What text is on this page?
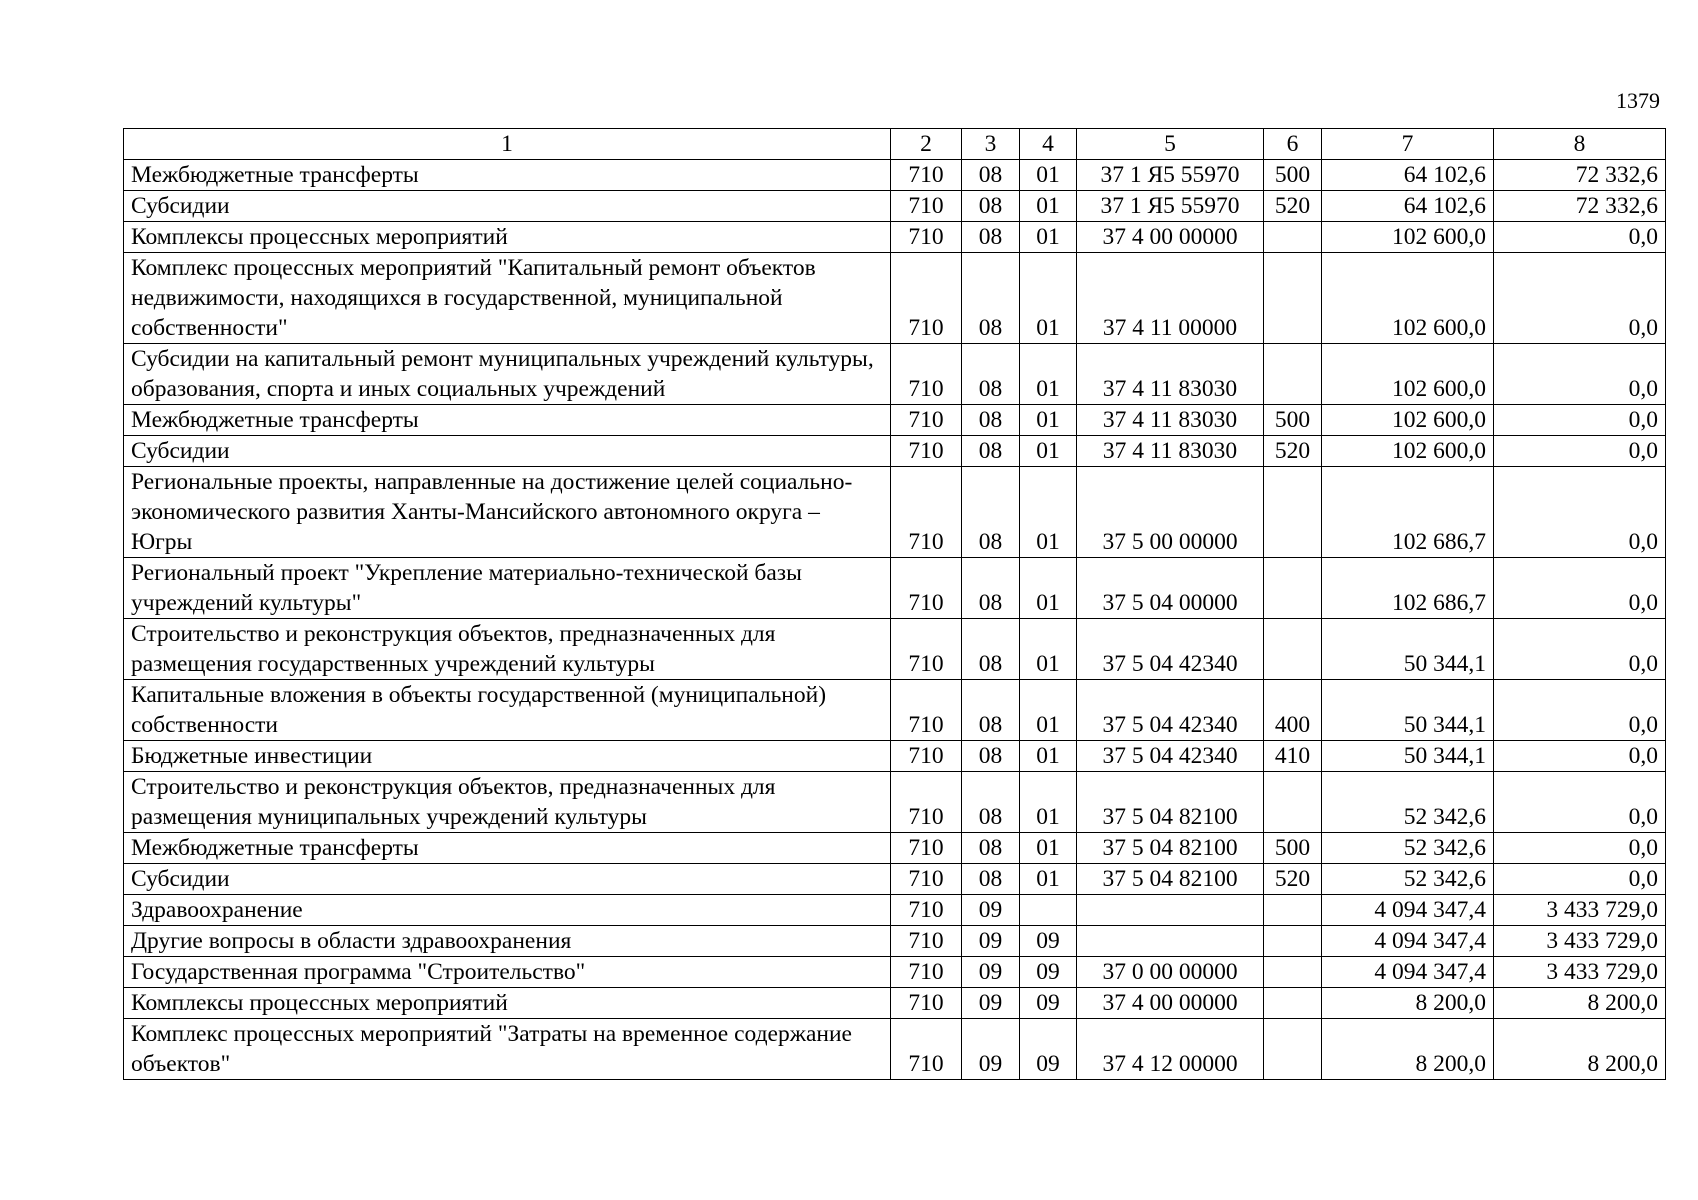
1379
1	2	3	4	5	6	7	8
Межбюджетные трансферты	710	08	01	37 1 Я5 55970	500	64 102,6	72 332,6
Субсидии	710	08	01	37 1 Я5 55970	520	64 102,6	72 332,6
Комплексы процессных мероприятий	710	08	01	37 4 00 00000		102 600,0	0,0
Комплекс процессных мероприятий "Капитальный ремонт объектов недвижимости, находящихся в государственной, муниципальной собственности"	710	08	01	37 4 11 00000		102 600,0	0,0
Субсидии на капитальный ремонт муниципальных учреждений культуры, образования, спорта и иных социальных учреждений	710	08	01	37 4 11 83030		102 600,0	0,0
Межбюджетные трансферты	710	08	01	37 4 11 83030	500	102 600,0	0,0
Субсидии	710	08	01	37 4 11 83030	520	102 600,0	0,0
Региональные проекты, направленные на достижение целей социально-экономического развития Ханты-Мансийского автономного округа – Югры	710	08	01	37 5 00 00000		102 686,7	0,0
Региональный проект "Укрепление материально-технической базы учреждений культуры"	710	08	01	37 5 04 00000		102 686,7	0,0
Строительство и реконструкция объектов, предназначенных для размещения государственных учреждений культуры	710	08	01	37 5 04 42340		50 344,1	0,0
Капитальные вложения в объекты государственной (муниципальной) собственности	710	08	01	37 5 04 42340	400	50 344,1	0,0
Бюджетные инвестиции	710	08	01	37 5 04 42340	410	50 344,1	0,0
Строительство и реконструкция объектов, предназначенных для размещения муниципальных учреждений культуры	710	08	01	37 5 04 82100		52 342,6	0,0
Межбюджетные трансферты	710	08	01	37 5 04 82100	500	52 342,6	0,0
Субсидии	710	08	01	37 5 04 82100	520	52 342,6	0,0
Здравоохранение	710	09				4 094 347,4	3 433 729,0
Другие вопросы в области здравоохранения	710	09	09			4 094 347,4	3 433 729,0
Государственная программа "Строительство"	710	09	09	37 0 00 00000		4 094 347,4	3 433 729,0
Комплексы процессных мероприятий	710	09	09	37 4 00 00000		8 200,0	8 200,0
Комплекс процессных мероприятий "Затраты на временное содержание объектов"	710	09	09	37 4 12 00000		8 200,0	8 200,0
